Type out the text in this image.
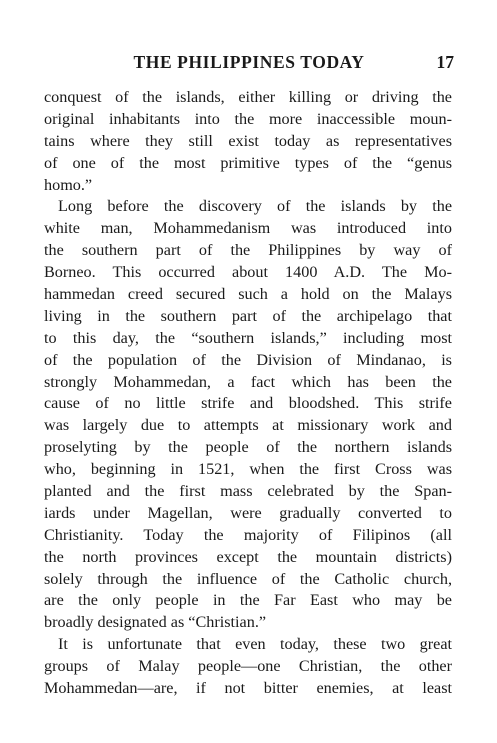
THE PHILIPPINES TODAY	17
conquest of the islands, either killing or driving the
original inhabitants into the more inaccessible moun-
tains where they still exist today as representatives
of one of the most primitive types of the “genus
homo.”
Long before the discovery of the islands by the
white man, Mohammedanism was introduced into
the southern part of the Philippines by way of
Borneo. This occurred about 1400 A.D. The Mo-
hammedan creed secured such a hold on the Malays
living in the southern part of the archipelago that
to this day, the “southern islands,” including most
of the population of the Division of Mindanao, is
strongly Mohammedan, a fact which has been the
cause of no little strife and bloodshed. This strife
was largely due to attempts at missionary work and
proselyting by the people of the northern islands
who, beginning in 1521, when the first Cross was
planted and the first mass celebrated by the Span-
iards under Magellan, were gradually converted to
Christianity. Today the majority of Filipinos (all
the north provinces except the mountain districts)
solely through the influence of the Catholic church,
are the only people in the Far East who may be
broadly designated as “Christian.”
It is unfortunate that even today, these two great
groups of Malay people—one Christian, the other
Mohammedan—are, if not bitter enemies, at least
